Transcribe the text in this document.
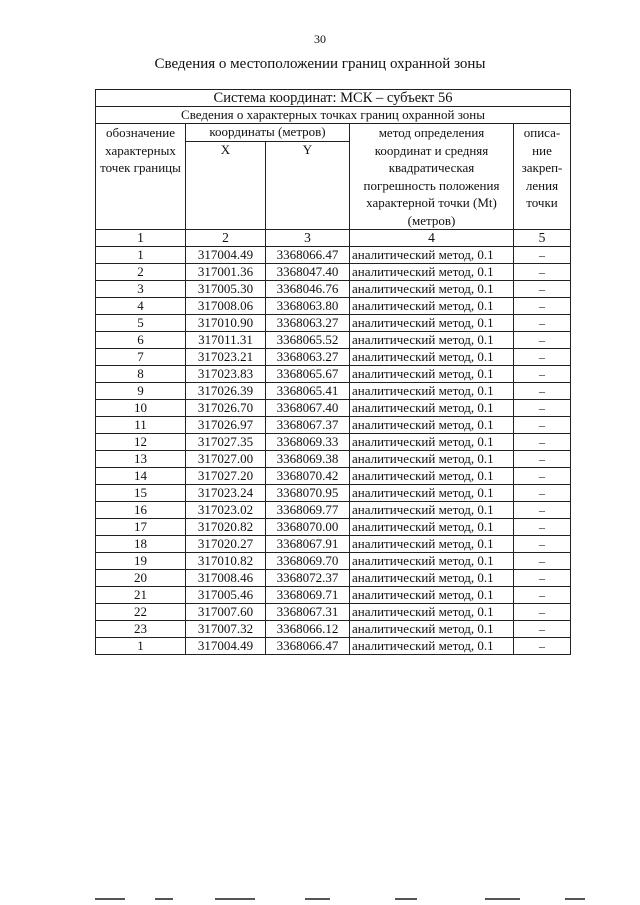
30
Сведения о местоположении границ охранной зоны
Система координат: МСК – субъект 56				
Сведения о характерных точках границ охранной зоны				
обозначение характерных точек границы	координаты (метров)		метод определения координат и средняя квадратическая погрешность положения характерной точки (Mt) (метров)	описа-ние закреп-ления точки
	X	Y		
1	2	3	4	5
1	317004.49	3368066.47	аналитический метод, 0.1	–
2	317001.36	3368047.40	аналитический метод, 0.1	–
3	317005.30	3368046.76	аналитический метод, 0.1	–
4	317008.06	3368063.80	аналитический метод, 0.1	–
5	317010.90	3368063.27	аналитический метод, 0.1	–
6	317011.31	3368065.52	аналитический метод, 0.1	–
7	317023.21	3368063.27	аналитический метод, 0.1	–
8	317023.83	3368065.67	аналитический метод, 0.1	–
9	317026.39	3368065.41	аналитический метод, 0.1	–
10	317026.70	3368067.40	аналитический метод, 0.1	–
11	317026.97	3368067.37	аналитический метод, 0.1	–
12	317027.35	3368069.33	аналитический метод, 0.1	–
13	317027.00	3368069.38	аналитический метод, 0.1	–
14	317027.20	3368070.42	аналитический метод, 0.1	–
15	317023.24	3368070.95	аналитический метод, 0.1	–
16	317023.02	3368069.77	аналитический метод, 0.1	–
17	317020.82	3368070.00	аналитический метод, 0.1	–
18	317020.27	3368067.91	аналитический метод, 0.1	–
19	317010.82	3368069.70	аналитический метод, 0.1	–
20	317008.46	3368072.37	аналитический метод, 0.1	–
21	317005.46	3368069.71	аналитический метод, 0.1	–
22	317007.60	3368067.31	аналитический метод, 0.1	–
23	317007.32	3368066.12	аналитический метод, 0.1	–
1	317004.49	3368066.47	аналитический метод, 0.1	–
